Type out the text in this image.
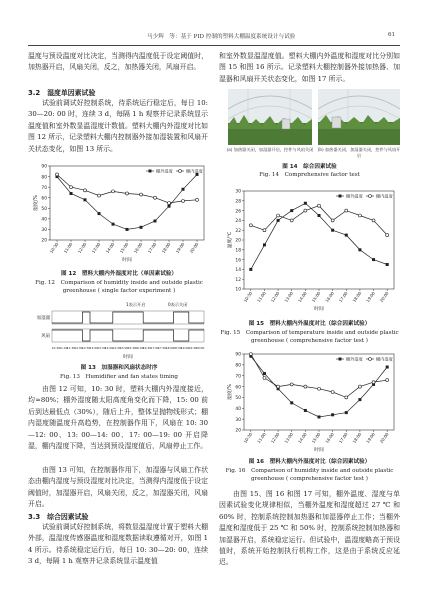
马少辉　等：基于 PID 控制的塑料大棚温度系统设计与试验	61
温度与预设温度对比决定，当测得内温度低于设定阈值时，加热器开启，风扇关闭，反之，加热器关闭，风扇开启。
3.2　湿度单因素试验
试验前调试好控制系统，待系统运行稳定后，每日 10: 30—20: 00 时，连续 3 d，每隔 1 h 观察并记录系统显示温度值和室外数显温湿度计数值。塑料大棚内外湿度对比如图 12 所示，记录塑料大棚内控制器外接加湿装置和风扇开关状态变化，如图 13 所示。
20
30
40
50
60
70
80
90
10:30 11:00 12:00 13:00 14:00 15:00 16:00 17:00 18:00 19:00 20:00
湿度/%
时间
棚外湿度	棚内湿度
图 12　塑料大棚内外湿度对比（单因素试验）
Fig. 12　Comparison of humidity inside and outside plastic
greenhouse ( single factor experiment )
1表示开启	0表示关闭
加湿器
风扇
10:30 11:00 11:30 12:00 12:30 13:00 13:30 14:00 14:30 15:00 15:30 16:00 16:30 17:00 17:30 18:00 18:30 19:00 19:30 20:00
时间
图 13　加湿器和风扇状态时序
Fig. 13　Humidifier and fan states timing
由图 12 可知，10: 30 时，塑料大棚内外湿度接近，均≈80%；棚外湿度随太阳高度角变化而下降，15: 00 前后到达最低点（30%），随后上升，整体呈抛物线形式；棚内湿度随温度升高趋势，在控制器作用下，风扇在 10: 30—12: 00、13: 00—14: 00、17: 00—19: 00 开启降湿，棚内湿度下降，当达到预设湿度值后，风扇停止工作。
由图 13 可知，在控制器作用下，加湿器与风扇工作状态由棚内湿度与预设湿度对比决定，当测得内湿度低于设定阈值时，加湿器开启，风扇关闭，反之，加湿器关闭，风扇开启。
3.3　综合因素试验
试验前调试好控制系统，将数显温湿度计置于塑料大棚外部，温湿度传感器温度和湿度数据读取遵循对开，如图 14 所示。待系统稳定运行后，每日 10: 30—20: 00，连续 3 d，每隔 1 h 观察并记录系统显示温度值
和室外数显温湿度值。塑料大棚内外温度和湿度对比分别如图 15 和图 16 所示。记录塑料大棚控制器外接加热器、加湿器和风扇开关状态变化，如图 17 所示。
(a) 加热器关闭，加湿器开启，控件与风扇关闭	(b) 加热器关闭，加湿器关闭，控件与风扇开启
图 14　综合因素试验
Fig. 14　Comprehensive factor test
10
12
14
16
18
20
22
24
26
28
30
10:30 11:00 12:00 13:00 14:00 15:00 16:00 17:00 18:00 19:00 20:00
温度/℃
时间
棚外温度	棚内温度
图 15　塑料大棚内外温度对比（综合因素试验）
Fig. 15　Comparison of temperature inside and outside plastic
greenhouse ( comprehensive factor test )
20
30
40
50
60
70
80
90
10:30 11:00 12:00 13:00 14:00 15:00 16:00 17:00 18:00 19:00 20:00
湿度/%
时间
棚外湿度	棚内湿度
图 16　塑料大棚内外湿度对比（综合因素试验）
Fig. 16　Comparison of humidity inside and outside plastic
greenhouse ( comprehensive factor test )
由图 15、图 16 和图 17 可知，棚外温度、湿度与单因素试验变化规律相似，当棚外温度和湿度超过 27 ℃ 和 60% 时，控制系统控制加热器和加湿器停止工作；当棚外温度和湿度低于 25 ℃ 和 50% 时，控制系统控制加热器和加湿器开启，系统稳定运行。但试验中，温湿度略高于预设值时，系统开始控制执行机构工作，这是由于系统反应延迟。
